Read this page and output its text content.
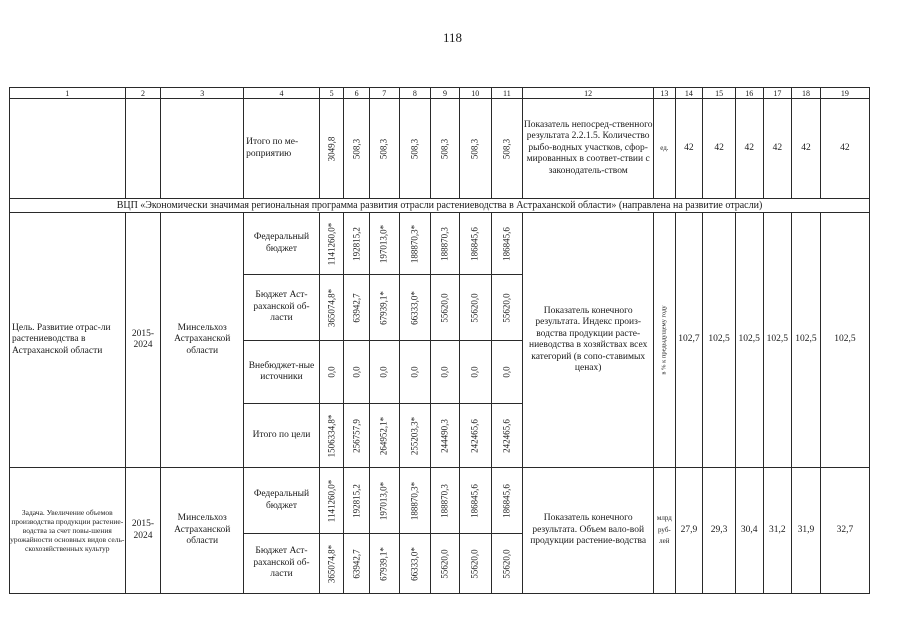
118
1	2	3	4	5	6	7	8	9	10	11	12	13	14	15	16	17	18	19
			Итого по ме-роприятию	3049,8	508,3	508,3	508,3	508,3	508,3	508,3	Показатель непосред-ственного результата 2.2.1.5. Количество рыбо-водных участков, сфор-мированных в соответ-ствии с законодатель-ством	ед.	42	42	42	42	42	42
ВЦП «Экономически значимая региональная программа развития отрасли растениеводства в Астраханской области» (направлена на развитие отрасли)																		
Цель. Развитие отрас-ли растениеводства в Астраханской области	2015-2024	Минсельхоз Астраханской области	Федеральный бюджет	1141260,0*	192815,2	197013,0*	188870,3*	188870,3	186845,6	186845,6	Показатель конечного результата. Индекс произ-водства продукции расте-ниеводства в хозяйствах всех категорий (в сопо-ставимых ценах)	в % к предыдущему году	102,7	102,5	102,5	102,5	102,5	102,5
			Бюджет Аст-раханской об-ласти	365074,8*	63942,7	67939,1*	66333,0*	55620,0	55620,0	55620,0								

			Внебюджет-ные источники	0,0	0,0	0,0	0,0	0,0	0,0	0,0								

			Итого по цели	1506334,8*	256757,9	264952,1*	255203,3*	244490,3	242465,6	242465,6								

Задача. Увеличение объемов производства продукции растение-водства за счет повы-шения урожайности основных видов сель-скохозяйственных культур	2015-2024	Минсельхоз Астраханской области	Федеральный бюджет	1141260,0*	192815,2	197013,0*	188870,3*	188870,3	186845,6	186845,6	Показатель конечного результата. Объем вало-вой продукции растение-водства	млрд руб-лей	27,9	29,3	30,4	31,2	31,9	32,7
			Бюджет Аст-раханской об-ласти	365074,8*	63942,7	67939,1*	66333,0*	55620,0	55620,0	55620,0								
